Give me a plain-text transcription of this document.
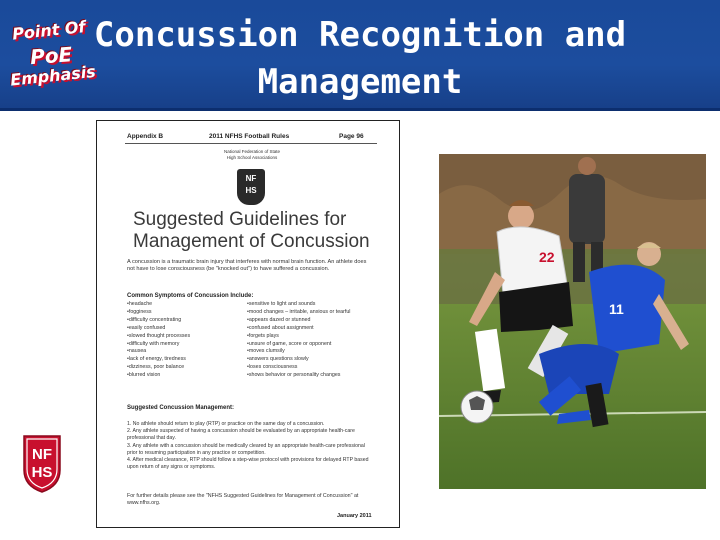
Point Of
PoE
Emphasis
Concussion Recognition and
Management
Appendix B	2011 NFHS Football Rules	Page 96
National Federation of State
High School Associations
NF
HS
Suggested Guidelines for
Management of Concussion
A concussion is a traumatic brain injury that interferes with normal brain function. An athlete does not have to lose consciousness (be "knocked out") to have suffered a concussion.
Common Symptoms of Concussion Include:
• headache
• fogginess
• difficulty concentrating
• easily confused
• slowed thought processes
• difficulty with memory
• nausea
• lack of energy, tiredness
• dizziness, poor balance
• blurred vision
• sensitive to light and sounds
• mood changes – irritable, anxious or tearful
• appears dazed or stunned
• confused about assignment
• forgets plays
• unsure of game, score or opponent
• moves clumsily
• answers questions slowly
• loses consciousness
• shows behavior or personality changes
Suggested Concussion Management:
1. No athlete should return to play (RTP) or practice on the same day of a concussion.
2. Any athlete suspected of having a concussion should be evaluated by an appropriate health-care professional that day.
3. Any athlete with a concussion should be medically cleared by an appropriate health-care professional prior to resuming participation in any practice or competition.
4. After medical clearance, RTP should follow a step-wise protocol with provisions for delayed RTP based upon return of any signs or symptoms.
For further details please see the "NFHS Suggested Guidelines for Management of Concussion" at www.nfhs.org.
January 2011
NF
HS
22
11
